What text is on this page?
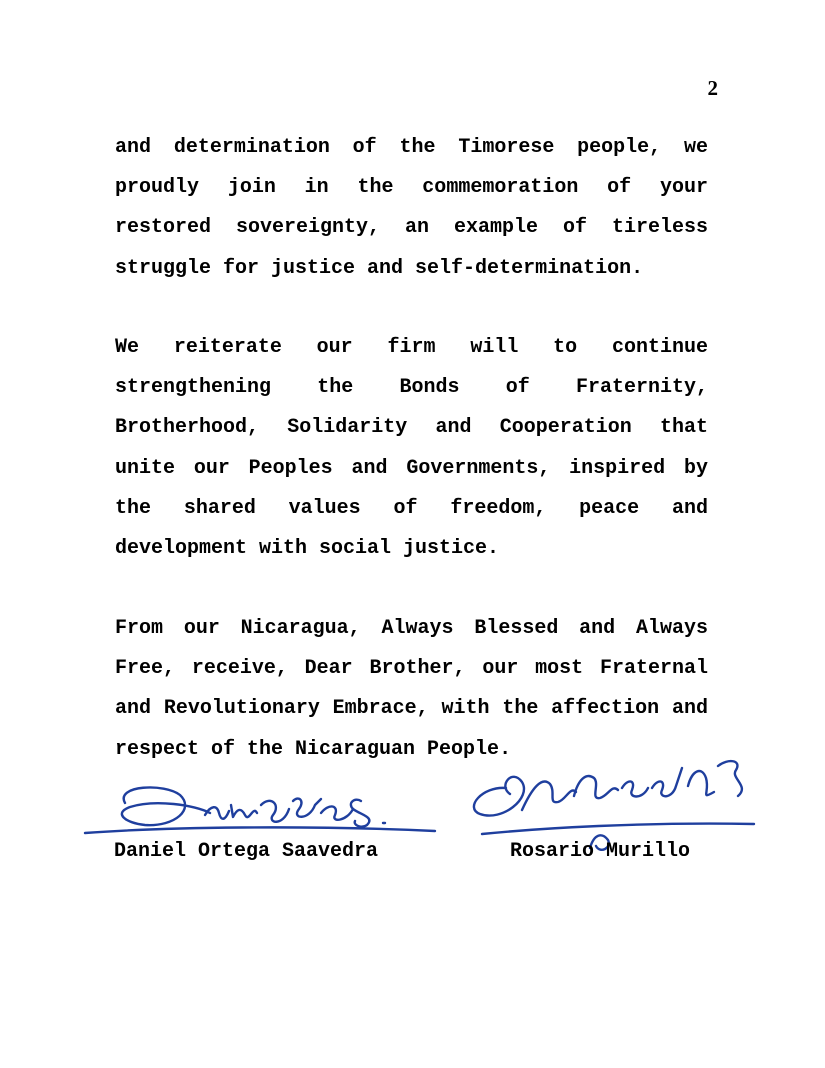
2

and determination of the Timorese people, we proudly join in the commemoration of your restored sovereignty, an example of tireless struggle for justice and self-determination.

We reiterate our firm will to continue strengthening the Bonds of Fraternity, Brotherhood, Solidarity and Cooperation that unite our Peoples and Governments, inspired by the shared values of freedom, peace and development with social justice.

From our Nicaragua, Always Blessed and Always Free, receive, Dear Brother, our most Fraternal and Revolutionary Embrace, with the affection and respect of the Nicaraguan People.

Daniel Ortega Saavedra	Rosario Murillo
